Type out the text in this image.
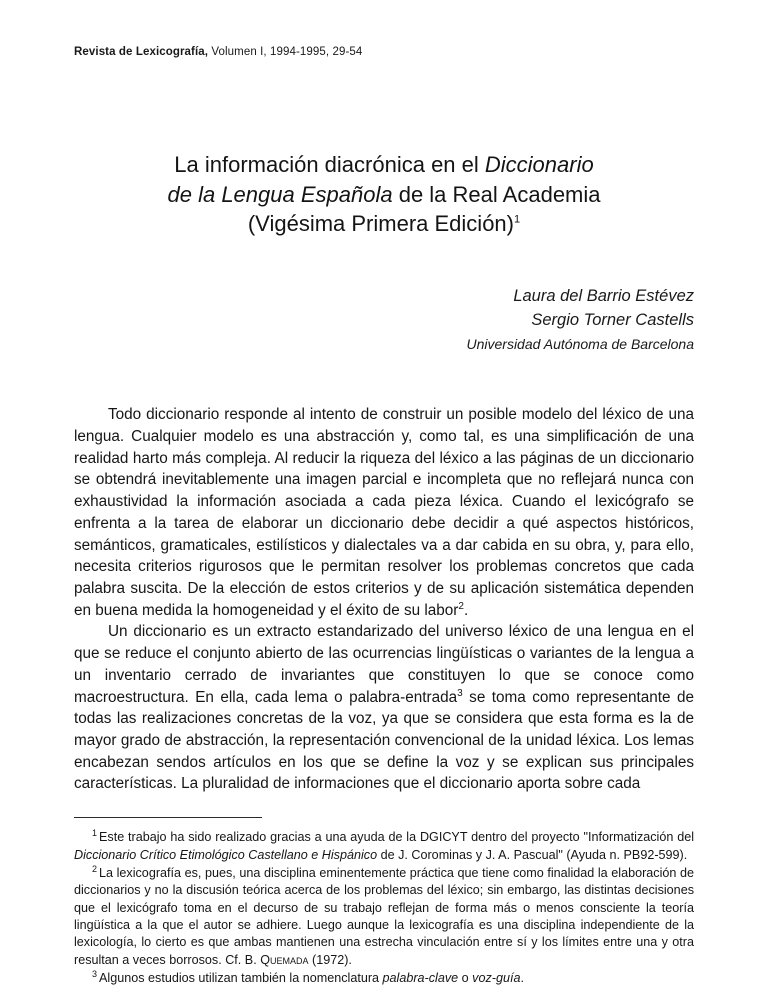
Revista de Lexicografía, Volumen I, 1994-1995, 29-54
La información diacrónica en el Diccionario
de la Lengua Española de la Real Academia
(Vigésima Primera Edición)$^1$
Laura del Barrio Estévez
Sergio Torner Castells
Universidad Autónoma de Barcelona

Todo diccionario responde al intento de construir un posible modelo del léxico de una lengua. Cualquier modelo es una abstracción y, como tal, es una simplificación de una realidad harto más compleja. Al reducir la riqueza del léxico a las páginas de un diccionario se obtendrá inevitablemente una imagen parcial e incompleta que no reflejará nunca con exhaustividad la información asociada a cada pieza léxica. Cuando el lexicógrafo se enfrenta a la tarea de elaborar un diccionario debe decidir a qué aspectos históricos, semánticos, gramaticales, estilísticos y dialectales va a dar cabida en su obra, y, para ello, necesita criterios rigurosos que le permitan resolver los problemas concretos que cada palabra suscita. De la elección de estos criterios y de su aplicación sistemática dependen en buena medida la homogeneidad y el éxito de su labor$^2$.

Un diccionario es un extracto estandarizado del universo léxico de una lengua en el que se reduce el conjunto abierto de las ocurrencias lingüísticas o variantes de la lengua a un inventario cerrado de invariantes que constituyen lo que se conoce como macroestructura. En ella, cada lema o palabra-entrada$^3$ se toma como representante de todas las realizaciones concretas de la voz, ya que se considera que esta forma es la de mayor grado de abstracción, la representación convencional de la unidad léxica. Los lemas encabezan sendos artículos en los que se define la voz y se explican sus principales características. La pluralidad de informaciones que el diccionario aporta sobre cada

$^1$ Este trabajo ha sido realizado gracias a una ayuda de la DGICYT dentro del proyecto "Informatización del Diccionario Crítico Etimológico Castellano e Hispánico de J. Corominas y J. A. Pascual" (Ayuda n. PB92-599).

$^2$ La lexicografía es, pues, una disciplina eminentemente práctica que tiene como finalidad la elaboración de diccionarios y no la discusión teórica acerca de los problemas del léxico; sin embargo, las distintas decisiones que el lexicógrafo toma en el decurso de su trabajo reflejan de forma más o menos consciente la teoría lingüística a la que el autor se adhiere. Luego aunque la lexicografía es una disciplina independiente de la lexicología, lo cierto es que ambas mantienen una estrecha vinculación entre sí y los límites entre una y otra resultan a veces borrosos. Cf. B. Quemada (1972).

$^3$ Algunos estudios utilizan también la nomenclatura palabra-clave o voz-guía.
